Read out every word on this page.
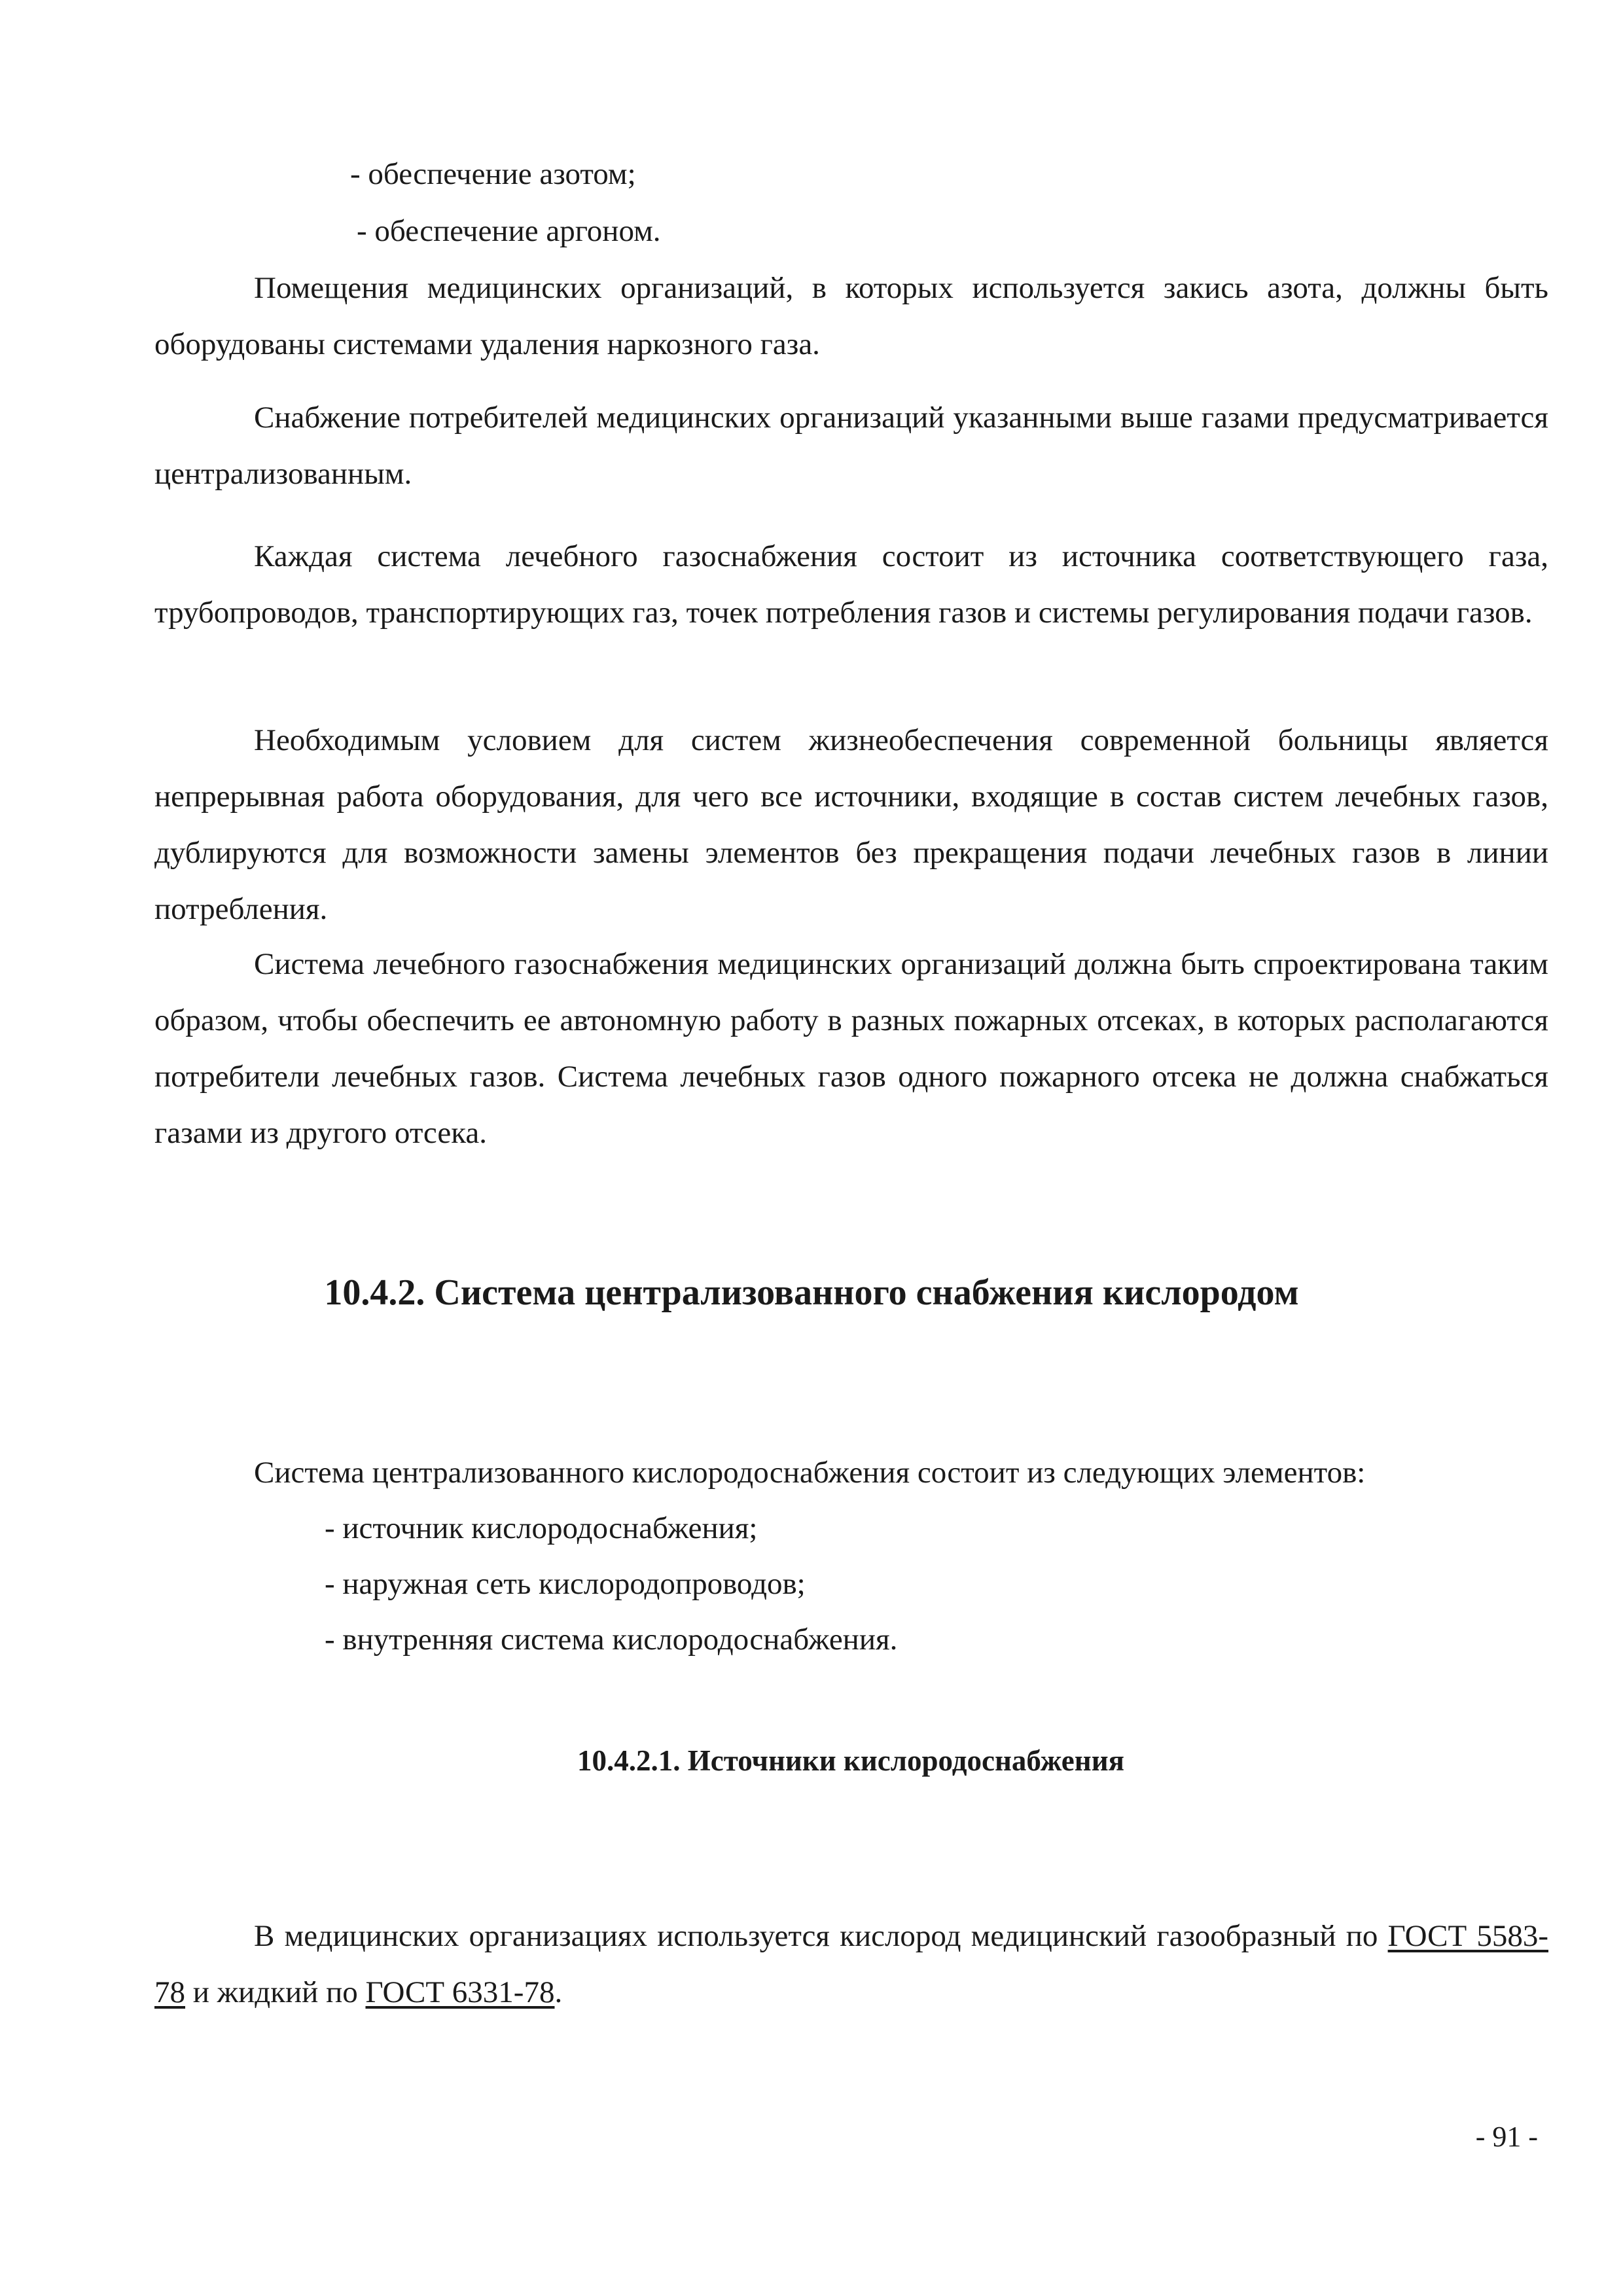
- обеспечение азотом;
- обеспечение аргоном.
Помещения медицинских организаций, в которых используется закись азота, должны быть оборудованы системами удаления наркозного газа.
Снабжение потребителей медицинских организаций указанными выше газами предусматривается централизованным.
Каждая система лечебного газоснабжения состоит из источника соответствующего газа, трубопроводов, транспортирующих газ, точек потребления газов и системы регулирования подачи газов.
Необходимым условием для систем жизнеобеспечения современной больницы является непрерывная работа оборудования, для чего все источники, входящие в состав систем лечебных газов, дублируются для возможности замены элементов без прекращения подачи лечебных газов в линии потребления.
Система лечебного газоснабжения медицинских организаций должна быть спроектирована таким образом, чтобы обеспечить ее автономную работу в разных пожарных отсеках, в которых располагаются потребители лечебных газов. Система лечебных газов одного пожарного отсека не должна снабжаться газами из другого отсека.
10.4.2. Система централизованного снабжения кислородом
Система централизованного кислородоснабжения состоит из следующих элементов:
- источник кислородоснабжения;
- наружная сеть кислородопроводов;
- внутренняя система кислородоснабжения.
10.4.2.1. Источники кислородоснабжения
В медицинских организациях используется кислород медицинский газообразный по ГОСТ 5583-78 и жидкий по ГОСТ 6331-78.
- 91 -
